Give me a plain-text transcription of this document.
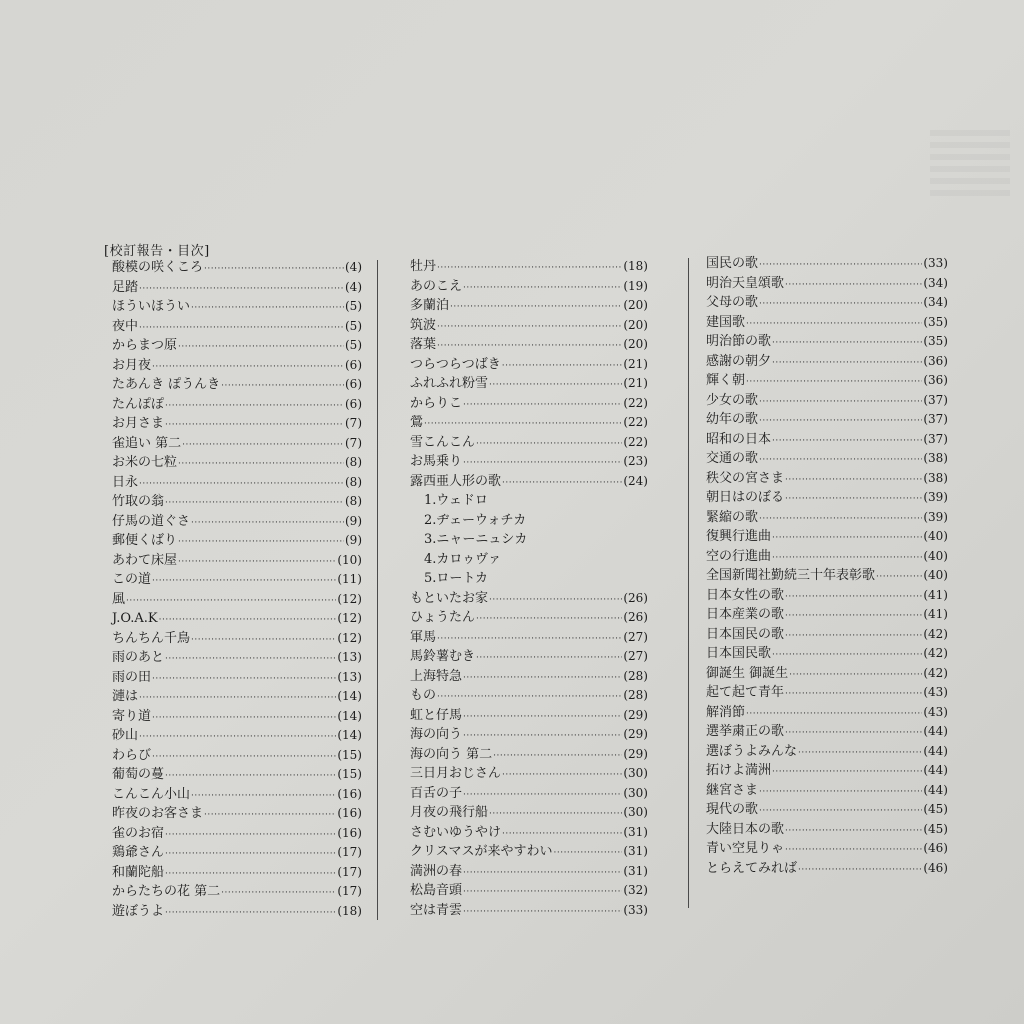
[校訂報告・目次]
酸模の咲くころ ·····	(4)
足踏 ·····	(4)
ほういほうい ·····	(5)
夜中 ·····	(5)
からまつ原 ·····	(5)
お月夜 ·····	(6)
たあんき ぽうんき ·····	(6)
たんぽぽ ·····	(6)
お月さま ·····	(7)
雀追い 第二 ·····	(7)
お米の七粒 ·····	(8)
日永 ·····	(8)
竹取の翁 ·····	(8)
仔馬の道ぐさ ·····	(9)
郵便くばり ·····	(9)
あわて床屋 ·····	(10)
この道 ·····	(11)
風 ·····	(12)
J.O.A.K ·····	(12)
ちんちん千鳥 ·····	(12)
雨のあと ·····	(13)
雨の田 ·····	(13)
漣は ·····	(14)
寄り道 ·····	(14)
砂山 ·····	(14)
わらび ·····	(15)
葡萄の蔓 ·····	(15)
こんこん小山 ·····	(16)
昨夜のお客さま ·····	(16)
雀のお宿 ·····	(16)
鶏爺さん ·····	(17)
和蘭陀船 ·····	(17)
からたちの花 第二 ·····	(17)
遊ぼうよ ·····	(18)
牡丹 ·····	(18)
あのこえ ·····	(19)
多蘭泊 ·····	(20)
筑波 ·····	(20)
落葉 ·····	(20)
つらつらつばき ·····	(21)
ふれふれ粉雪 ·····	(21)
からりこ ·····	(22)
鶯 ·····	(22)
雪こんこん ·····	(22)
お馬乗り ·····	(23)
露西亜人形の歌 ·····	(24)
1.ウェドロ
2.ヂェーウォチカ
3.ニャーニュシカ
4.カロゥヴァ
5.ロートカ
もといたお家 ·····	(26)
ひょうたん ·····	(26)
軍馬 ·····	(27)
馬鈴薯むき ·····	(27)
上海特急 ·····	(28)
もの ·····	(28)
虹と仔馬 ·····	(29)
海の向う ·····	(29)
海の向う 第二 ·····	(29)
三日月おじさん ·····	(30)
百舌の子 ·····	(30)
月夜の飛行船 ·····	(30)
さむいゆうやけ ·····	(31)
クリスマスが来やすわい ·····	(31)
満洲の春 ·····	(31)
松島音頭 ·····	(32)
空は青雲 ·····	(33)
国民の歌 ·····	(33)
明治天皇頌歌 ·····	(34)
父母の歌 ·····	(34)
建国歌 ·····	(35)
明治節の歌 ·····	(35)
感謝の朝夕 ·····	(36)
輝く朝 ·····	(36)
少女の歌 ·····	(37)
幼年の歌 ·····	(37)
昭和の日本 ·····	(37)
交通の歌 ·····	(38)
秩父の宮さま ·····	(38)
朝日はのぼる ·····	(39)
緊縮の歌 ·····	(39)
復興行進曲 ·····	(40)
空の行進曲 ·····	(40)
全国新聞社勤続三十年表彰歌 ·····	(40)
日本女性の歌 ·····	(41)
日本産業の歌 ·····	(41)
日本国民の歌 ·····	(42)
日本国民歌 ·····	(42)
御誕生 御誕生 ·····	(42)
起て起て青年 ·····	(43)
解消節 ·····	(43)
選挙粛正の歌 ·····	(44)
選ぼうよみんな ·····	(44)
拓けよ満洲 ·····	(44)
継宮さま ·····	(44)
現代の歌 ·····	(45)
大陸日本の歌 ·····	(45)
青い空見りゃ ·····	(46)
とらえてみれば ·····	(46)
